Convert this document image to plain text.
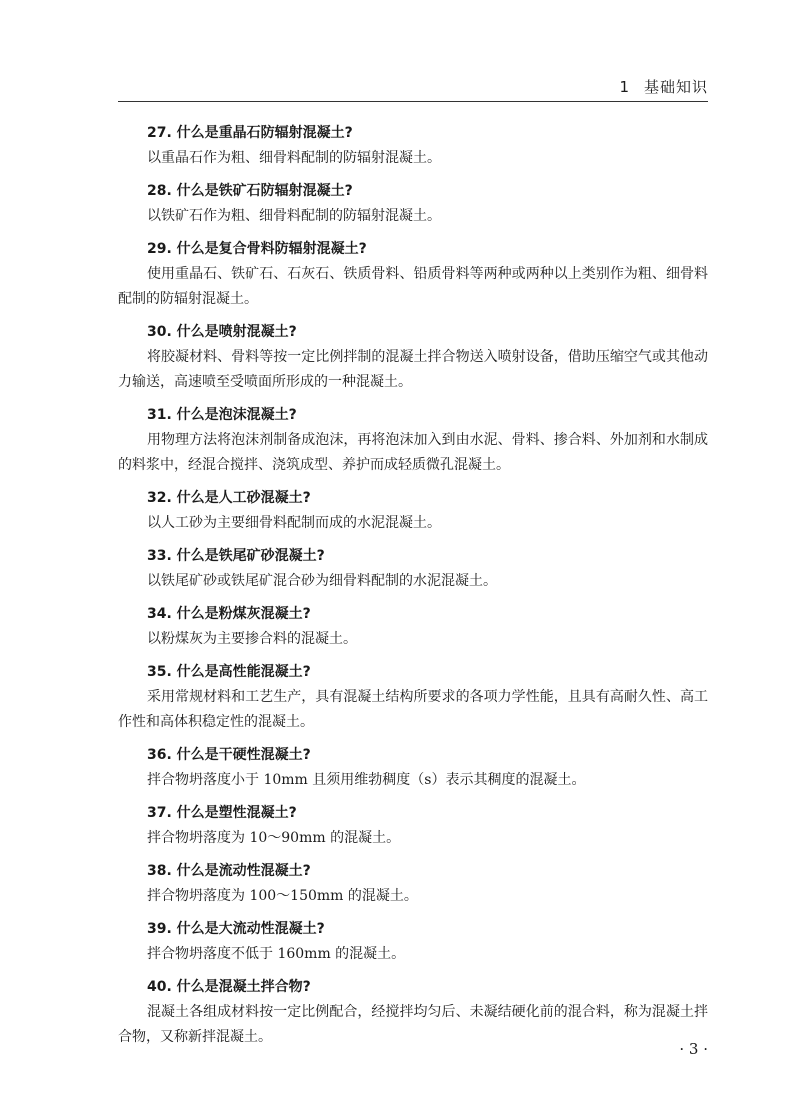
1 基础知识
27. 什么是重晶石防辐射混凝土?
以重晶石作为粗、细骨料配制的防辐射混凝土。
28. 什么是铁矿石防辐射混凝土?
以铁矿石作为粗、细骨料配制的防辐射混凝土。
29. 什么是复合骨料防辐射混凝土?
使用重晶石、铁矿石、石灰石、铁质骨料、铅质骨料等两种或两种以上类别作为粗、细骨料配制的防辐射混凝土。
30. 什么是喷射混凝土?
将胶凝材料、骨料等按一定比例拌制的混凝土拌合物送入喷射设备，借助压缩空气或其他动力输送，高速喷至受喷面所形成的一种混凝土。
31. 什么是泡沫混凝土?
用物理方法将泡沫剂制备成泡沫，再将泡沫加入到由水泥、骨料、掺合料、外加剂和水制成的料浆中，经混合搅拌、浇筑成型、养护而成轻质微孔混凝土。
32. 什么是人工砂混凝土?
以人工砂为主要细骨料配制而成的水泥混凝土。
33. 什么是铁尾矿砂混凝土?
以铁尾矿砂或铁尾矿混合砂为细骨料配制的水泥混凝土。
34. 什么是粉煤灰混凝土?
以粉煤灰为主要掺合料的混凝土。
35. 什么是高性能混凝土?
采用常规材料和工艺生产，具有混凝土结构所要求的各项力学性能，且具有高耐久性、高工作性和高体积稳定性的混凝土。
36. 什么是干硬性混凝土?
拌合物坍落度小于 10mm 且须用维勃稠度（s）表示其稠度的混凝土。
37. 什么是塑性混凝土?
拌合物坍落度为 10～90mm 的混凝土。
38. 什么是流动性混凝土?
拌合物坍落度为 100～150mm 的混凝土。
39. 什么是大流动性混凝土?
拌合物坍落度不低于 160mm 的混凝土。
40. 什么是混凝土拌合物?
混凝土各组成材料按一定比例配合，经搅拌均匀后、未凝结硬化前的混合料，称为混凝土拌合物，又称新拌混凝土。
· 3 ·
